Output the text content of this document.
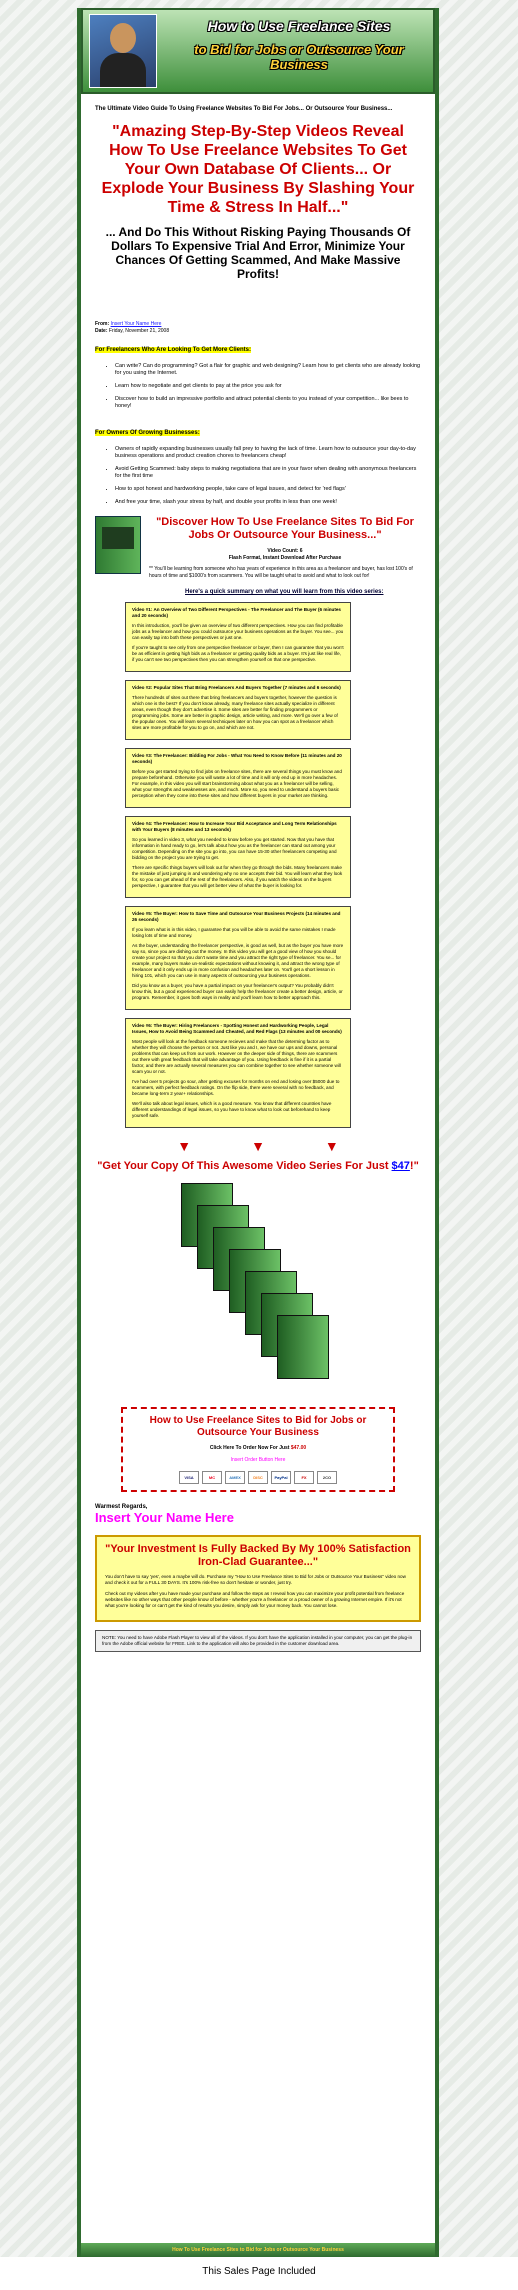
How to Use Freelance Sites
to Bid for Jobs or Outsource Your Business
The Ultimate Video Guide To Using Freelance Websites To Bid For Jobs... Or Outsource Your Business...
"Amazing Step-By-Step Videos Reveal How To Use Freelance Websites To Get Your Own Database Of Clients... Or Explode Your Business By Slashing Your Time & Stress In Half..."
... And Do This Without Risking Paying Thousands Of Dollars To Expensive Trial And Error, Minimize Your Chances Of Getting Scammed, And Make Massive Profits!
From: Insert Your Name Here
Date: Friday, November 21, 2008
For Freelancers Who Are Looking To Get More Clients:
• Can write? Can do programming? Got a flair for graphic and web designing? Learn how to get clients who are already looking for you using the Internet.
• Learn how to negotiate and get clients to pay at the price you ask for
• Discover how to build an impressive portfolio and attract potential clients to you instead of your competition... like bees to honey!
For Owners Of Growing Businesses:
• Owners of rapidly expanding businesses usually fall prey to having the lack of time. Learn how to outsource your day-to-day business operations and product creation chores to freelancers cheap!
• Avoid Getting Scammed: baby steps to making negotiations that are in your favor when dealing with anonymous freelancers for the first time
• How to spot honest and hardworking people, take care of legal issues, and detect for 'red flags'
• And free your time, slash your stress by half, and double your profits in less than one week!
"Discover How To Use Freelance Sites To Bid For Jobs Or Outsource Your Business..."
Video Count: 6
Flash Format, Instant Download After Purchase
** You'll be learning from someone who has years of experience in this area as a freelancer and buyer, has lost 100's of hours of time and $1000's from scammers. You will be taught what to avoid and what to look out for!
Here's a quick summary on what you will learn from this video series:
Video #1: An Overview of Two Different Perspectives - The Freelancer and The Buyer (6 minutes and 20 seconds)

In this introduction, you'll be given an overview of two different perspectives. How you can find profitable jobs as a freelancer and how you could outsource your business operations as the buyer. You see... you can easily tap into both these perspectives or just one.

If you're taught to see only from one perspective freelancer or buyer, then I can guarantee that you won't be as efficient in getting high bids as a freelancer or getting quality bids as a buyer. It's just like real life, if you can't see two perspectives then you can strengthen yourself on that one perspective.

Video #2: Popular Sites That Bring Freelancers And Buyers Together (7 minutes and 6 seconds)

There hundreds of sites out there that bring freelancers and buyers together, however the question is which one is the best? If you don't know already, many freelance sites actually specialize in different areas, even though they don't advertise it. Some sites are better for finding programmers or programming jobs. Some are better in graphic design, article writing, and more. We'll go over a few of the popular ones. You will learn several techniques later on how you can spot as a freelancer which sites are more profitable for you to go on, and which are not.

Video #3: The Freelancer: Bidding For Jobs - What You Need to Know Before (11 minutes and 20 seconds)

Before you get started trying to find jobs on freelance sites, there are several things you must know and prepare beforehand. Otherwise you will waste a lot of time and it will only end up in more headaches. For example, in this video you will start brainstorming about what you as a freelancer will be selling, what your strengths and weaknesses are, and much. More so, you need to understand a buyers basic perception when they come into these sites and how different buyers in your market are thinking.

Video #4: The Freelancer: How to Increase Your Bid Acceptance and Long Term Relationships with Your Buyers (8 minutes and 13 seconds)

So you learned in video 3, what you needed to know before you get started. Now that you have that information in hand ready to go, let's talk about how you as the freelancer can stand out among your competition. Depending on the site you go into, you can have 15-30 other freelancers competing and bidding on the project you are trying to get.

There are specific things buyers will look out for when they go through the bids. Many freelancers make the mistake of just jumping in and wondering why no one accepts their bid. You will learn what they look for, so you can get ahead of the rest of the freelancers. Also, if you watch the videos on the buyers perspective, I guarantee that you will get better view of what the buyer is looking for.

Video #5: The Buyer: How to Save Time and Outsource Your Business Projects (14 minutes and 26 seconds)

If you learn what is in this video, I guarantee that you will be able to avoid the same mistakes I made losing lots of time and money.

As the buyer, understanding the freelancer perspective, is good as well, but as the buyer you have more say so, since you are dishing out the money. In this video you will get a good view of how you should create your project so that you don't waste time and you attract the right type of freelancer. You se... for example, many buyers make un-realistic expectations without knowing it, and attract the wrong type of freelancer and it only ends up in more confusion and headaches later on. You'll get a short lesson in hiring 101, which you can use in many aspects of outsourcing your business operations.

Did you know as a buyer, you have a partial impact on your freelancer's output? You probably didn't know this, but a good experienced buyer can easily help the freelancer create a better design, article, or program. Remember, it goes both ways in reality and you'll learn how to better approach this.

Video #6: The Buyer: Hiring Freelancers - Spotting Honest and Hardworking People, Legal Issues, How to Avoid Being Scammed and Cheated, and Red Flags (13 minutes and 00 seconds)

Most people will look at the feedback someone recieves and make that the determing factor as to whether they will choose the person or not. Just like you and I, we have our ups and downs, personal problems that can keep us from our work. However on the deeper side of things, there are scammers out there with great feedback that will take advantage of you. Using feedback is fine if it is a partial factor, and there are actually several measures you can combine together to see whether someone will scam you or not.

I've had over 5 projects go sour, after getting excuses for months on end and losing over $5000 due to scammers, with perfect feedback ratings. On the flip side, there were several with no feedback, and became long-term 2 year+ relationships.

We'll also talk about legal issues, which is a good measure. You know that different countries have different understandings of legal issues, so you have to know what to look out beforehand to keep yourself safe.

▼	▼	▼
"Get Your Copy Of This Awesome Video Series For Just $47!"
How to Use Freelance Sites to Bid for Jobs or Outsource Your Business
Click Here To Order Now For Just $47.00
Insert Order Button Here
VISA	MC	AMEX	DISC	PayPal	FX	2CO
Warmest Regards,
Insert Your Name Here
"Your Investment Is Fully Backed By My 100% Satisfaction Iron-Clad Guarantee..."

You don't have to say 'yes', even a maybe will do. Purchase my "How to Use Freelance Sites to Bid for Jobs or Outsource Your Business" video now and check it out for a FULL 30 DAYS. It's 100% risk-free so don't hesitate or wonder, just try.

Check out my videos after you have made your purchase and follow the steps as I reveal how you can maximize your profit potential from freelance websites like no other ways that other people know of before - whether you're a freelancer or a proud owner of a growing Internet empire. If it's not what you're looking for or can't get the kind of results you desire, simply ask for your money back. You cannot lose.

NOTE: You need to have Adobe Flash Player to view all of the videos. If you don't have the application installed in your computer, you can get the plug-in from the Adobe official website for FREE. Link to the application will also be provided in the customer download area.
How To Use Freelance Sites to Bid for Jobs or Outsource Your Business
This Sales Page Included
